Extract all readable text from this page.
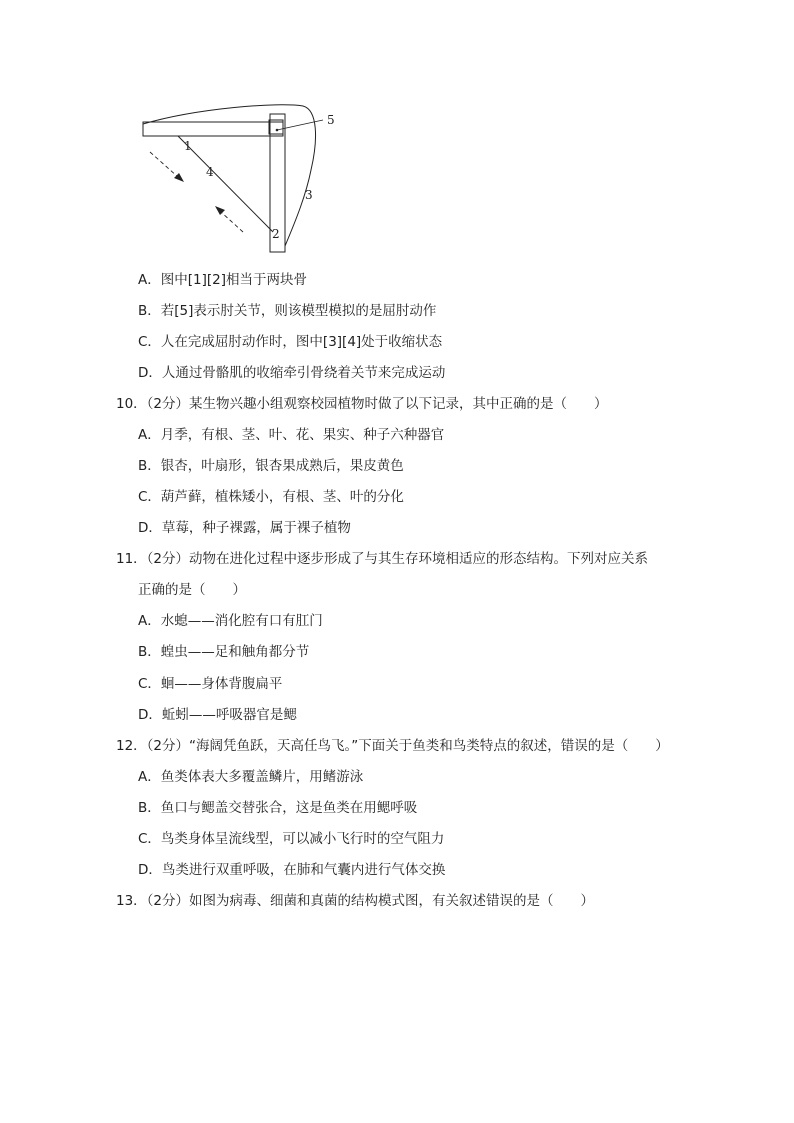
1
2
3
4
5
A．图中[1][2]相当于两块骨
B．若[5]表示肘关节，则该模型模拟的是屈肘动作
C．人在完成屈肘动作时，图中[3][4]处于收缩状态
D．人通过骨骼肌的收缩牵引骨绕着关节来完成运动
10．（2分）某生物兴趣小组观察校园植物时做了以下记录，其中正确的是（　　）
A．月季，有根、茎、叶、花、果实、种子六种器官
B．银杏，叶扇形，银杏果成熟后，果皮黄色
C．葫芦藓，植株矮小，有根、茎、叶的分化
D．草莓，种子裸露，属于裸子植物
11．（2分）动物在进化过程中逐步形成了与其生存环境相适应的形态结构。下列对应关系
正确的是（　　）
A．水螅——消化腔有口有肛门
B．蝗虫——足和触角都分节
C．蛔——身体背腹扁平
D．蚯蚓——呼吸器官是鳃
12．（2分）“海阔凭鱼跃，天高任鸟飞。”下面关于鱼类和鸟类特点的叙述，错误的是（　　）
A．鱼类体表大多覆盖鳞片，用鳍游泳
B．鱼口与鳃盖交替张合，这是鱼类在用鳃呼吸
C．鸟类身体呈流线型，可以减小飞行时的空气阻力
D．鸟类进行双重呼吸，在肺和气囊内进行气体交换
13．（2分）如图为病毒、细菌和真菌的结构模式图，有关叙述错误的是（　　）
